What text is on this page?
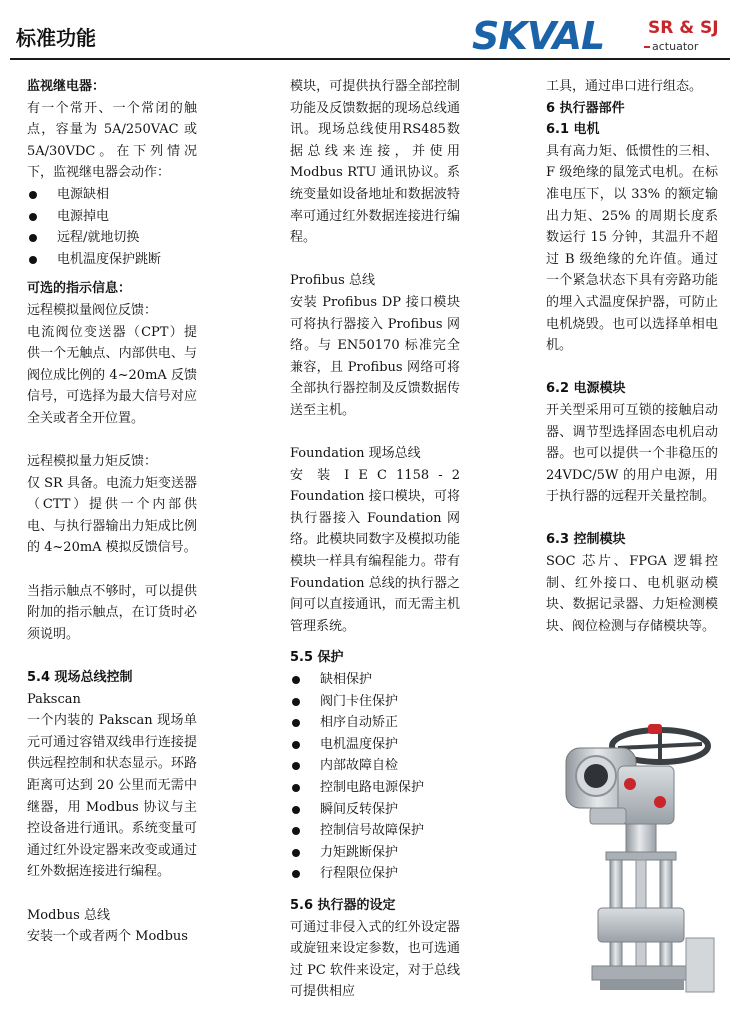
标准功能	SKVAL	SR & SJ
actuator
监视继电器：

有一个常开、一个常闭的触点，容量为 5A/250VAC 或 5A/30VDC。在下列情况下，监视继电器会动作：

电源缺相
电源掉电
远程/就地切换
电机温度保护跳断
可选的指示信息：

远程模拟量阀位反馈：

电流阀位变送器（CPT）提供一个无触点、内部供电、与阀位成比例的 4~20mA 反馈信号，可选择为最大信号对应全关或者全开位置。

远程模拟量力矩反馈：

仅 SR 具备。电流力矩变送器（CTT）提供一个内部供电、与执行器输出力矩成比例的 4~20mA 模拟反馈信号。

当指示触点不够时，可以提供附加的指示触点，在订货时必须说明。

5.4 现场总线控制

Pakscan

一个内装的 Pakscan 现场单元可通过容错双线串行连接提供远程控制和状态显示。环路距离可达到 20 公里而无需中继器，用 Modbus 协议与主控设备进行通讯。系统变量可通过红外设定器来改变或通过红外数据连接进行编程。

Modbus 总线

安装一个或者两个 Modbus

模块，可提供执行器全部控制功能及反馈数据的现场总线通讯。现场总线使用RS485数据总线来连接，并使用 Modbus RTU 通讯协议。系统变量如设备地址和数据波特率可通过红外数据连接进行编程。

Profibus 总线

安装 Profibus DP 接口模块可将执行器接入 Profibus 网络。与 EN50170 标准完全兼容，且 Profibus 网络可将全部执行器控制及反馈数据传送至主机。

Foundation 现场总线

安 装 I E C 1158 - 2 Foundation 接口模块，可将执行器接入 Foundation 网络。此模块同数字及模拟功能模块一样具有编程能力。带有 Foundation 总线的执行器之间可以直接通讯，而无需主机管理系统。

5.5 保护
缺相保护
阀门卡住保护
相序自动矫正
电机温度保护
内部故障自检
控制电路电源保护
瞬间反转保护
控制信号故障保护
力矩跳断保护
行程限位保护
5.6 执行器的设定

可通过非侵入式的红外设定器或旋钮来设定参数，也可选通过 PC 软件来设定，对于总线可提供相应

工具，通过串口进行组态。

6 执行器部件
6.1 电机

具有高力矩、低惯性的三相、F 级绝缘的鼠笼式电机。在标准电压下，以 33% 的额定输出力矩、25% 的周期长度系数运行 15 分钟，其温升不超过 B 级绝缘的允许值。通过一个紧急状态下具有旁路功能的埋入式温度保护器，可防止电机烧毁。也可以选择单相电机。

6.2 电源模块

开关型采用可互锁的接触启动器、调节型选择固态电机启动器。也可以提供一个非稳压的 24VDC/5W 的用户电源，用于执行器的远程开关量控制。

6.3 控制模块

SOC 芯片、FPGA 逻辑控制、红外接口、电机驱动模块、数据记录器、力矩检测模块、阀位检测与存储模块等。
